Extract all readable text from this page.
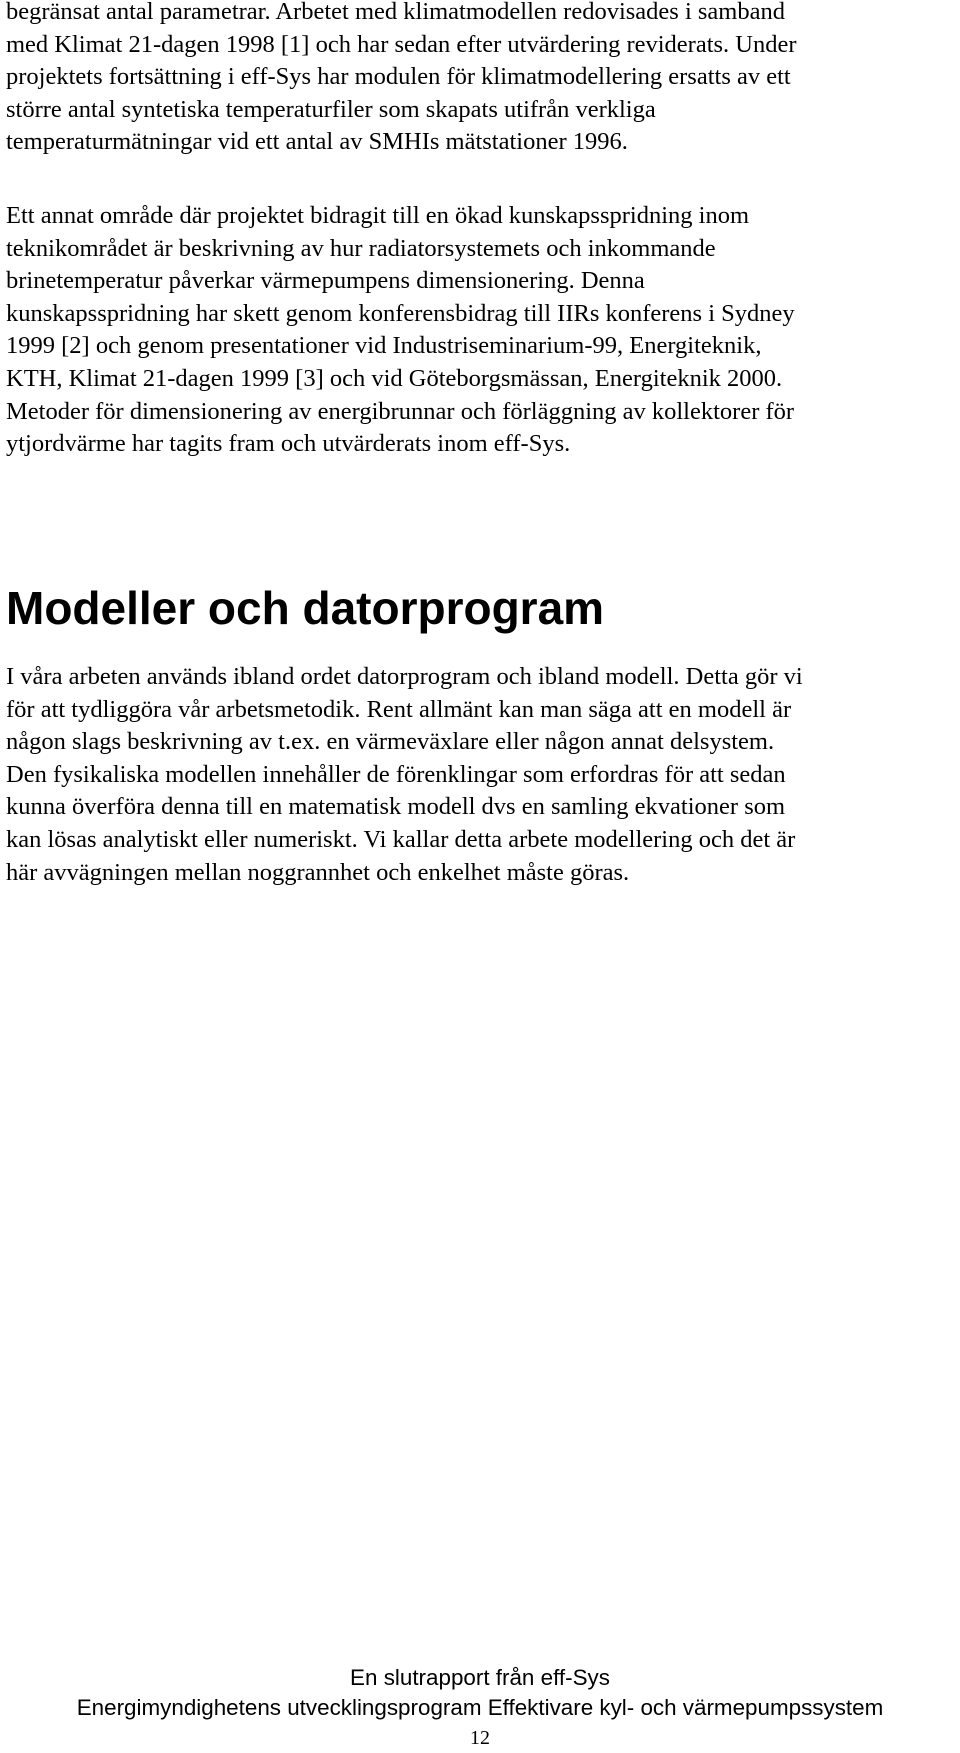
begränsat antal parametrar. Arbetet med klimatmodellen redovisades i samband
med Klimat 21-dagen 1998 [1] och har sedan efter utvärdering reviderats. Under
projektets fortsättning i eff-Sys har modulen för klimatmodellering ersatts av ett
större antal syntetiska temperaturfiler som skapats utifrån verkliga
temperaturmätningar vid ett antal av SMHIs mätstationer 1996.

Ett annat område där projektet bidragit till en ökad kunskapsspridning inom
teknikområdet är beskrivning av hur radiatorsystemets och inkommande
brinetemperatur påverkar värmepumpens dimensionering. Denna
kunskapsspridning har skett genom konferensbidrag till IIRs konferens i Sydney
1999 [2] och genom presentationer vid Industriseminarium-99, Energiteknik,
KTH, Klimat 21-dagen 1999 [3] och vid Göteborgsmässan, Energiteknik 2000.
Metoder för dimensionering av energibrunnar och förläggning av kollektorer för
ytjordvärme har tagits fram och utvärderats inom eff-Sys.

Modeller och datorprogram

I våra arbeten används ibland ordet datorprogram och ibland modell. Detta gör vi
för att tydliggöra vår arbetsmetodik. Rent allmänt kan man säga att en modell är
någon slags beskrivning av t.ex. en värmeväxlare eller någon annat delsystem.
Den fysikaliska modellen innehåller de förenklingar som erfordras för att sedan
kunna överföra denna till en matematisk modell dvs en samling ekvationer som
kan lösas analytiskt eller numeriskt. Vi kallar detta arbete modellering och det är
här avvägningen mellan noggrannhet och enkelhet måste göras.

En slutrapport från eff-Sys
Energimyndighetens utvecklingsprogram Effektivare kyl- och värmepumpssystem
12
